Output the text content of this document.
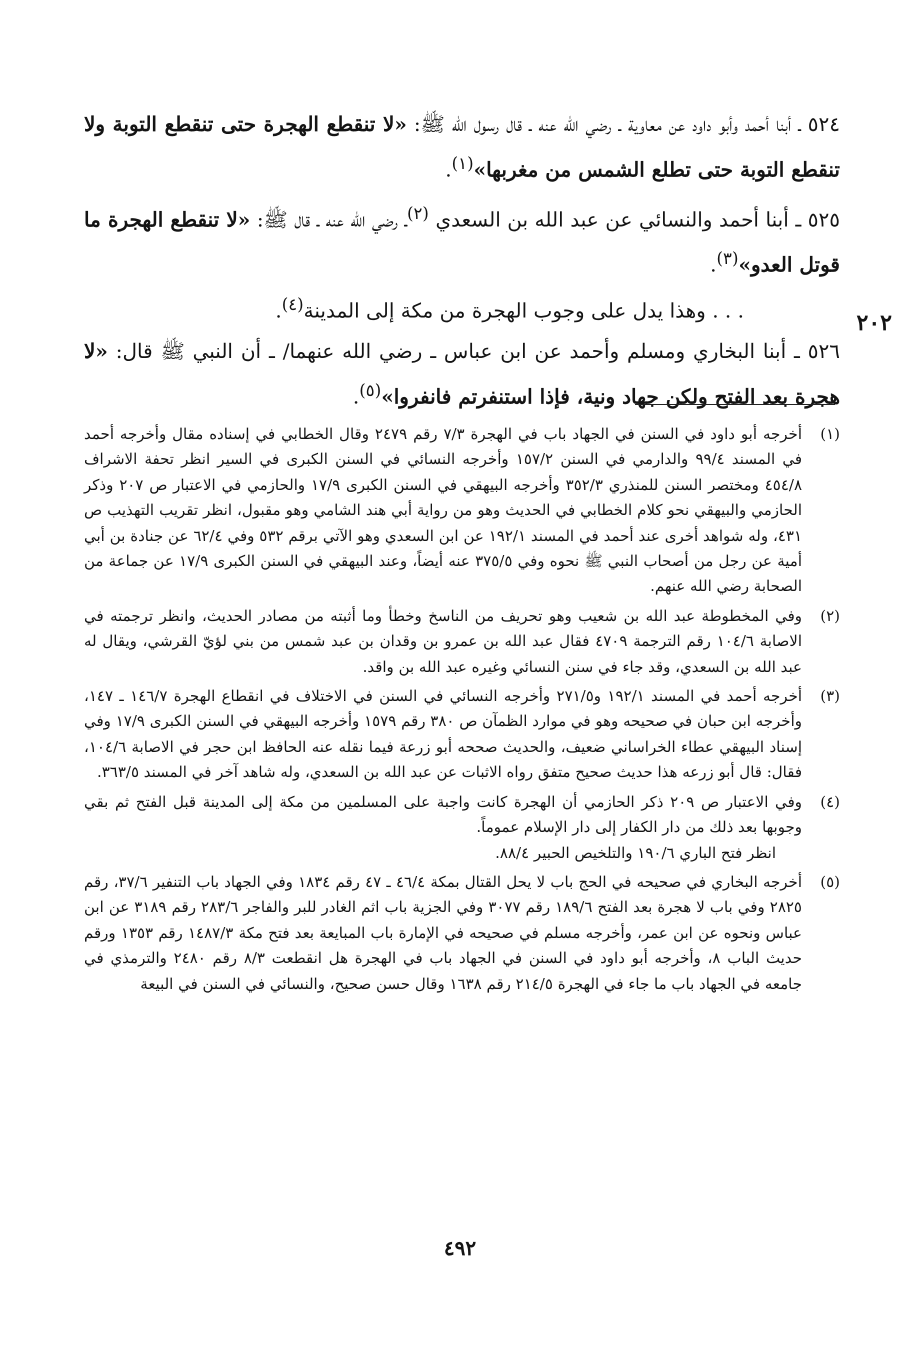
٥٢٤ ـ أبنا أحمد وأبو داود عن معاوية ـ رضي الله عنه ـ قال رسول الله ﷺ: «لا تنقطع الهجرة حتى تنقطع التوبة ولا تنقطع التوبة حتى تطلع الشمس من مغربها»$^{(١)}$.

٥٢٥ ـ أبنا أحمد والنسائي عن عبد الله بن السعدي $^{(٢)}$ـ رضي الله عنه ـ قال ﷺ: «لا تنقطع الهجرة ما قوتل العدو»$^{(٣)}$.

. . . وهذا يدل على وجوب الهجرة من مكة إلى المدينة$^{(٤)}$.

٥٢٦ ـ أبنا البخاري ومسلم وأحمد عن ابن عباس ـ رضي الله عنهما/ ـ أن النبي ﷺ قال: «لا هجرة بعد الفتح ولكن جهاد ونية، فإذا استنفرتم فانفروا»$^{(٥)}$.

٢٠٢
(١)
أخرجه أبو داود في السنن في الجهاد باب في الهجرة ٧/٣ رقم ٢٤٧٩ وقال الخطابي في إسناده مقال وأخرجه أحمد في المسند ٩٩/٤ والدارمي في السنن ١٥٧/٢ وأخرجه النسائي في السنن الكبرى في السير انظر تحفة الاشراف ٤٥٤/٨ ومختصر السنن للمنذري ٣٥٢/٣ وأخرجه البيهقي في السنن الكبرى ١٧/٩ والحازمي في الاعتبار ص ٢٠٧ وذكر الحازمي والبيهقي نحو كلام الخطابي في الحديث وهو من رواية أبي هند الشامي وهو مقبول، انظر تقريب التهذيب ص ٤٣١، وله شواهد أخرى عند أحمد في المسند ١٩٢/١ عن ابن السعدي وهو الآتي برقم ٥٣٢ وفي ٦٢/٤ عن جنادة بن أبي أمية عن رجل من أصحاب النبي ﷺ نحوه وفي ٣٧٥/٥ عنه أيضاً، وعند البيهقي في السنن الكبرى ١٧/٩ عن جماعة من الصحابة رضي الله عنهم.
(٢)
وفي المخطوطة عبد الله بن شعيب وهو تحريف من الناسخ وخطأ وما أثبته من مصادر الحديث، وانظر ترجمته في الاصابة ١٠٤/٦ رقم الترجمة ٤٧٠٩ فقال عبد الله بن عمرو بن وقدان بن عبد شمس من بني لؤيّ القرشي، ويقال له عبد الله بن السعدي، وقد جاء في سنن النسائي وغيره عبد الله بن واقد.
(٣)
أخرجه أحمد في المسند ١٩٢/١ و٢٧١/٥ وأخرجه النسائي في السنن في الاختلاف في انقطاع الهجرة ١٤٦/٧ ـ ١٤٧، وأخرجه ابن حبان في صحيحه وهو في موارد الظمآن ص ٣٨٠ رقم ١٥٧٩ وأخرجه البيهقي في السنن الكبرى ١٧/٩ وفي إسناد البيهقي عطاء الخراساني ضعيف، والحديث صححه أبو زرعة فيما نقله عنه الحافظ ابن حجر في الاصابة ١٠٤/٦، فقال: قال أبو زرعه هذا حديث صحيح متفق رواه الاثبات عن عبد الله بن السعدي، وله شاهد آخر في المسند ٣٦٣/٥.
(٤)
وفي الاعتبار ص ٢٠٩ ذكر الحازمي أن الهجرة كانت واجبة على المسلمين من مكة إلى المدينة قبل الفتح ثم بقي وجوبها بعد ذلك من دار الكفار إلى دار الإسلام عموماً.
انظر فتح الباري ١٩٠/٦ والتلخيص الحبير ٨٨/٤.
(٥)
أخرجه البخاري في صحيحه في الحج باب لا يحل القتال بمكة ٤٦/٤ ـ ٤٧ رقم ١٨٣٤ وفي الجهاد باب التنفير ٣٧/٦، رقم ٢٨٢٥ وفي باب لا هجرة بعد الفتح ١٨٩/٦ رقم ٣٠٧٧ وفي الجزية باب اثم الغادر للبر والفاجر ٢٨٣/٦ رقم ٣١٨٩ عن ابن عباس ونحوه عن ابن عمر، وأخرجه مسلم في صحيحه في الإمارة باب المبايعة بعد فتح مكة ١٤٨٧/٣ رقم ١٣٥٣ ورقم حديث الباب ٨، وأخرجه أبو داود في السنن في الجهاد باب في الهجرة هل انقطعت ٨/٣ رقم ٢٤٨٠ والترمذي في جامعه في الجهاد باب ما جاء في الهجرة ٢١٤/٥ رقم ١٦٣٨ وقال حسن صحيح، والنسائي في السنن في البيعة
٤٩٢
